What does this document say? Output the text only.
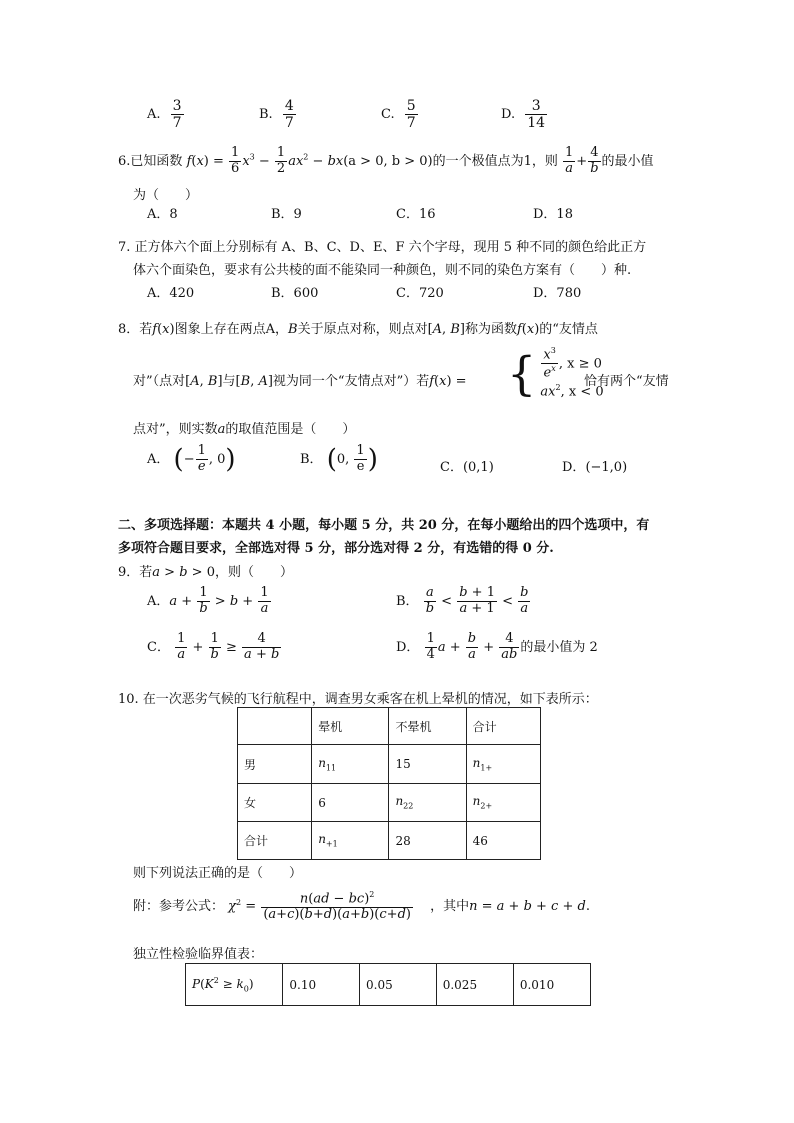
A. $\frac{3}{7}$	B. $\frac{4}{7}$	C. $\frac{5}{7}$	D. $\frac{3}{14}$
6.已知函数 $f(x) = \frac{1}{6} x^3 - \frac{1}{2} ax^2 - bx(a > 0$, b > 0)的一个极值点为1，则 $\frac{1}{a} + \frac{4}{b}$ 的最小值
为（　　）
A．8	B．9	C．16	D．18
7. 正方体六个面上分别标有 A、B、C、D、E、F 六个字母，现用 5 种不同的颜色给此正方
体六个面染色，要求有公共棱的面不能染同一种颜色，则不同的染色方案有（　　）种.
A．420	B．600	C．720	D．780
8．若f(x)图象上存在两点A，B关于原点对称，则点对[A, B]称为函数f(x)的“友情点
对”（点对[A, B]与[B, A]视为同一个“友情点对”）若f(x) = { $\frac{x^3}{e^x}$ , x ≥ 0
$ax^2$, x < 0
恰有两个“友情
点对”，则实数a的取值范围是（　　）
A． (− $\frac{1}{e}$ , 0)	B． (0, $\frac{1}{e}$ )	C．(0,1)	D．(−1,0)
二、多项选择题：本题共 4 小题，每小题 5 分，共 20 分，在每小题给出的四个选项中，有
多项符合题目要求，全部选对得 5 分，部分选对得 2 分，有选错的得 0 分.
9．若a > b > 0，则（　　）
A．$a + \frac{1}{b} > b + \frac{1}{a}$	B． $\frac{a}{b} < \frac{b + 1}{a + 1} < \frac{b}{a}$
C． $\frac{1}{a} + \frac{1}{b} \ge \frac{4}{a + b}$	D． $\frac{1}{4}$ $a + \frac{b}{a} + \frac{4}{ab}$ 的最小值为 2
10. 在一次恶劣气候的飞行航程中，调查男女乘客在机上晕机的情况，如下表所示：
	晕机	不晕机	合计
男	$n_{11}$	15	$n_{1+}$
女	6	$n_{22}$	$n_{2+}$
合计	$n_{+1}$	28	46
则下列说法正确的是（　　）
附：参考公式： $\chi^2 = \frac{n(ad - bc)^2}{(a+c)(b+d)(a+b)(c+d)}$ ，其中n = a + b + c + d.
独立性检验临界值表：
$P(K^2 \ge k_0)$	0.10	0.05	0.025	0.010
